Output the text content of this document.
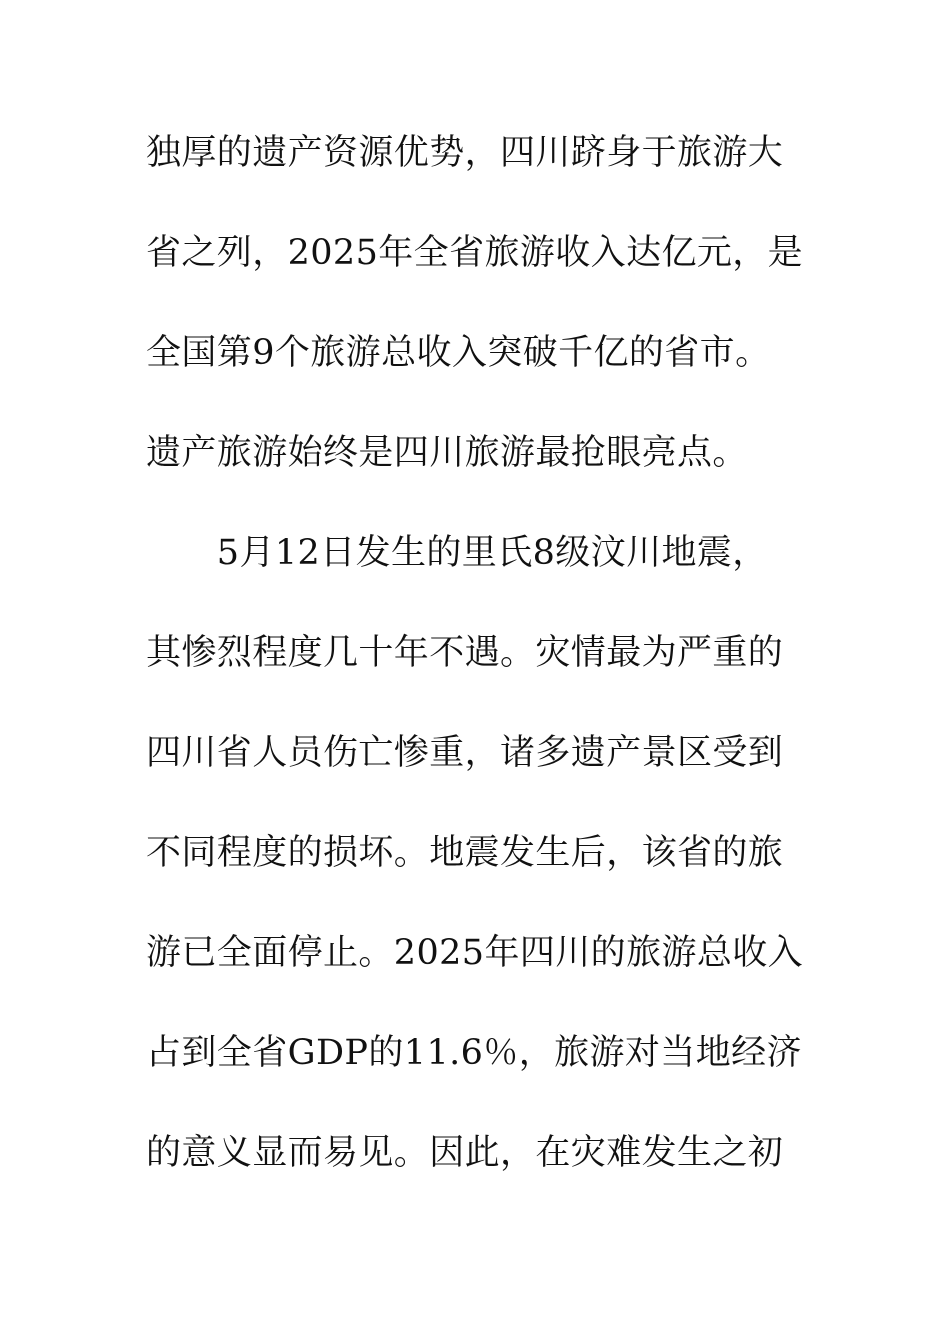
独厚的遗产资源优势，四川跻身于旅游大
省之列，2025年全省旅游收入达亿元，是
全国第9个旅游总收入突破千亿的省市。
遗产旅游始终是四川旅游最抢眼亮点。
　　5月12日发生的里氏8级汶川地震，
其惨烈程度几十年不遇。灾情最为严重的
四川省人员伤亡惨重，诸多遗产景区受到
不同程度的损坏。地震发生后，该省的旅
游已全面停止。2025年四川的旅游总收入
占到全省GDP的11.6％，旅游对当地经济
的意义显而易见。因此，在灾难发生之初
